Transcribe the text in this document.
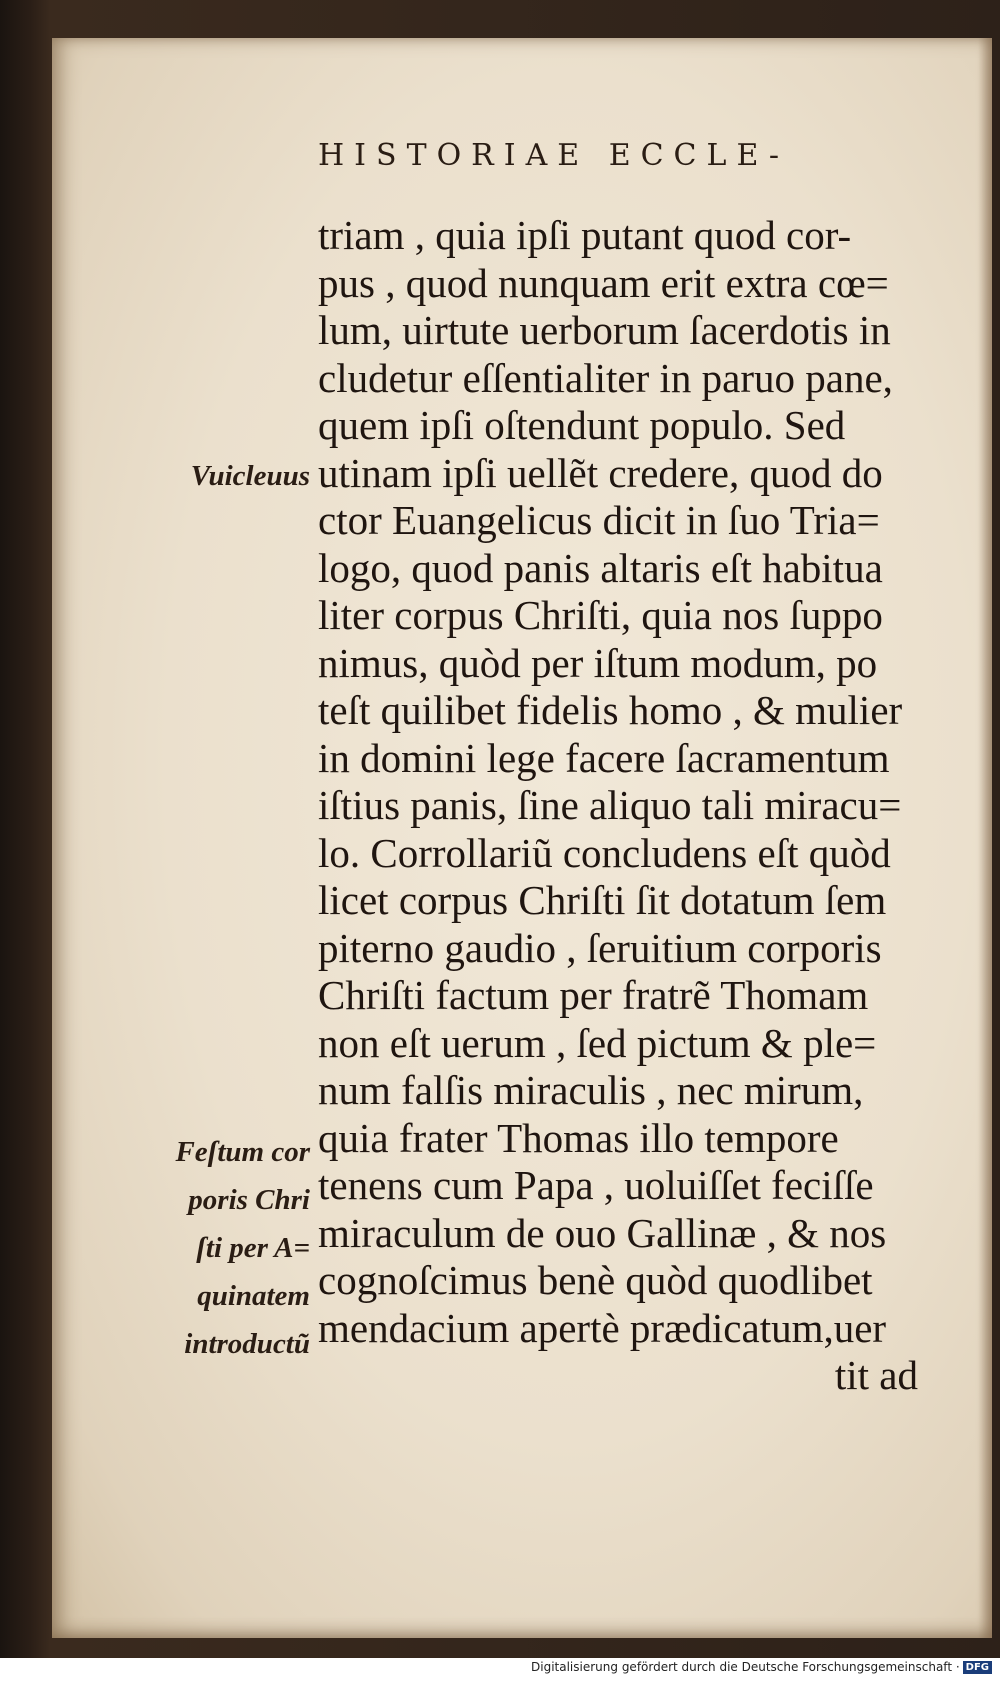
HISTORIAE ECCLE-
Vuicleuus
Feſtum cor
poris Chri
ſti per A=
quinatem
introductũ
triam , quia ipſi putant quod cor-
pus , quod nunquam erit extra cœ=
lum, uirtute uerborum ſacerdotis in
cludetur eſſentialiter in paruo pane,
quem ipſi oſtendunt populo. Sed
utinam ipſi uellẽt credere, quod do
ctor Euangelicus dicit in ſuo Tria=
logo, quod panis altaris eſt habitua
liter corpus Chriſti, quia nos ſuppo
nimus, quòd per iſtum modum, po
teſt quilibet fidelis homo , & mulier
in domini lege facere ſacramentum
iſtius panis, ſine aliquo tali miracu=
lo. Corrollariũ concludens eſt quòd
licet corpus Chriſti ſit dotatum ſem
piterno gaudio , ſeruitium corporis
Chriſti factum per fratrẽ Thomam
non eſt uerum , ſed pictum & ple=
num falſis miraculis , nec mirum,
quia frater Thomas illo tempore
tenens cum Papa , uoluiſſet feciſſe
miraculum de ouo Gallinæ , & nos
cognoſcimus benè quòd quodlibet
mendacium apertè prædicatum,uer
tit ad
Digitalisierung gefördert durch die Deutsche Forschungsgemeinschaft · DFG
